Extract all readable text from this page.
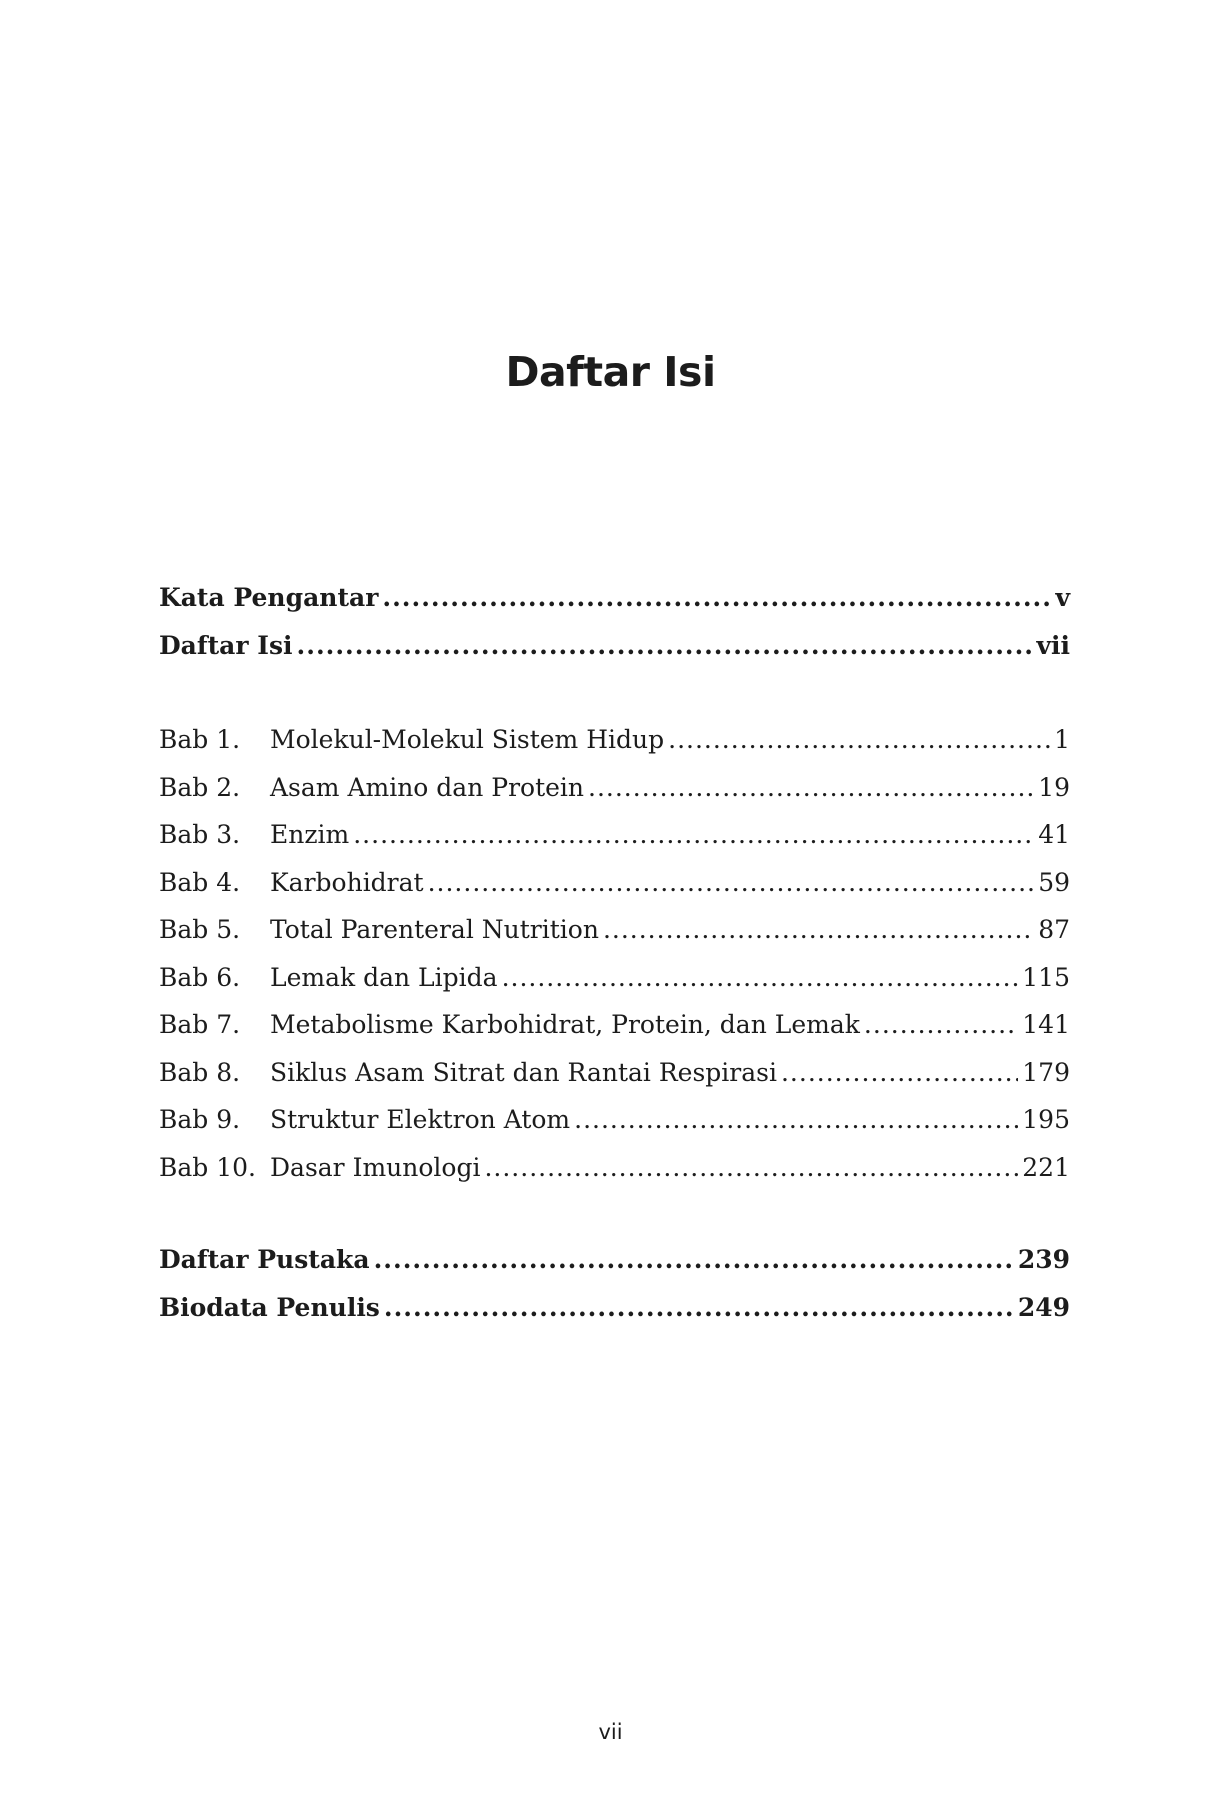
Daftar Isi
Kata Pengantar .....	v
Daftar Isi .....	vii
Bab 1.	Molekul-Molekul Sistem Hidup .....	1
Bab 2.	Asam Amino dan Protein .....	19
Bab 3.	Enzim .....	41
Bab 4.	Karbohidrat .....	59
Bab 5.	Total Parenteral Nutrition .....	87
Bab 6.	Lemak dan Lipida .....	115
Bab 7.	Metabolisme Karbohidrat, Protein, dan Lemak .....	141
Bab 8.	Siklus Asam Sitrat dan Rantai Respirasi .....	179
Bab 9.	Struktur Elektron Atom .....	195
Bab 10. Dasar Imunologi .....	221
Daftar Pustaka .....	239
Biodata Penulis .....	249
vii
